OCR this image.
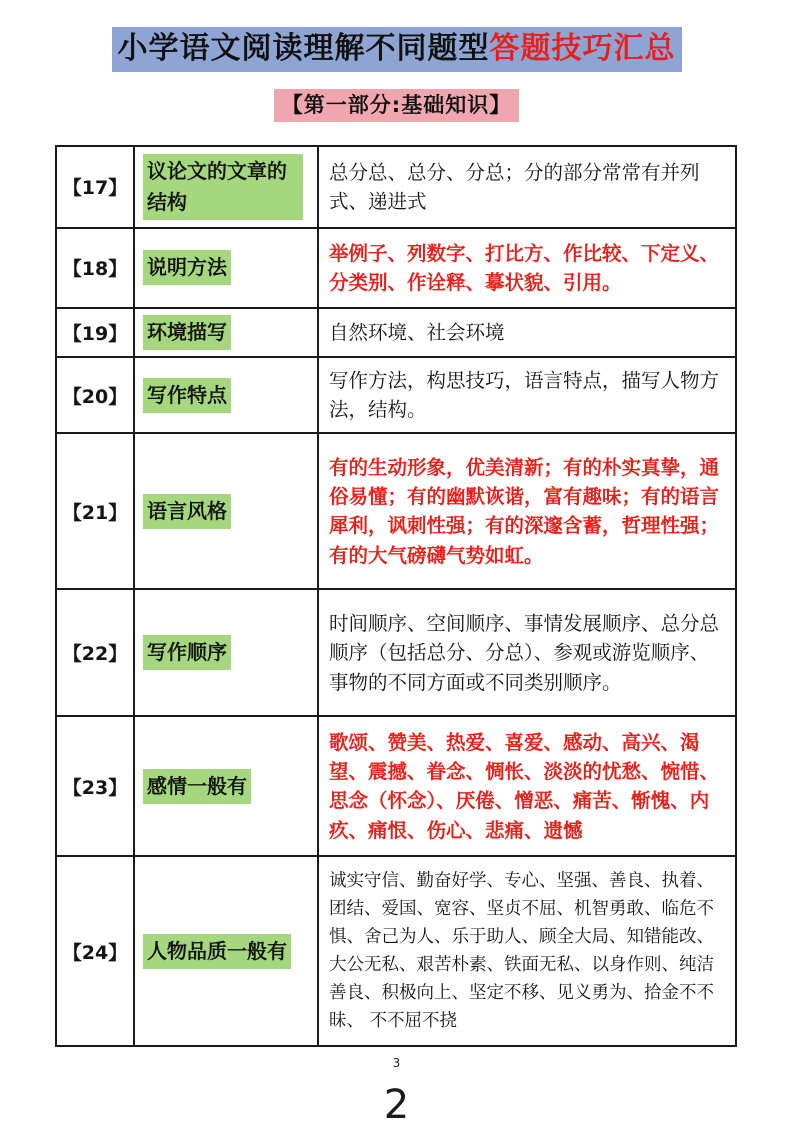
小学语文阅读理解不同题型答题技巧汇总
【第一部分:基础知识】
【17】
议论文的文章的结构
总分总、总分、分总；分的部分常常有并列式、递进式
【18】 说明方法
举例子、列数字、打比方、作比较、下定义、分类别、作诠释、摹状貌、引用。
【19】 环境描写	自然环境、社会环境
【20】 写作特点
写作方法，构思技巧，语言特点，描写人物方法，结构。
【21】 语言风格
有的生动形象，优美清新；有的朴实真挚，通俗易懂；有的幽默诙谐，富有趣味；有的语言犀利，讽刺性强；有的深邃含蓄，哲理性强；有的大气磅礴气势如虹。
【22】 写作顺序
时间顺序、空间顺序、事情发展顺序、总分总顺序（包括总分、分总）、参观或游览顺序、事物的不同方面或不同类别顺序。
【23】 感情一般有
歌颂、赞美、热爱、喜爱、感动、高兴、渴望、震撼、眷念、惆怅、淡淡的忧愁、惋惜、思念（怀念）、厌倦、憎恶、痛苦、惭愧、内疚、痛恨、伤心、悲痛、遗憾
【24】 人物品质一般有
诚实守信、勤奋好学、专心、坚强、善良、执着、团结、爱国、宽容、坚贞不屈、机智勇敢、临危不惧、舍己为人、乐于助人、顾全大局、知错能改、大公无私、艰苦朴素、铁面无私、以身作则、纯洁善良、积极向上、坚定不移、见义勇为、拾金不不昧、 不不屈不挠
3
2
